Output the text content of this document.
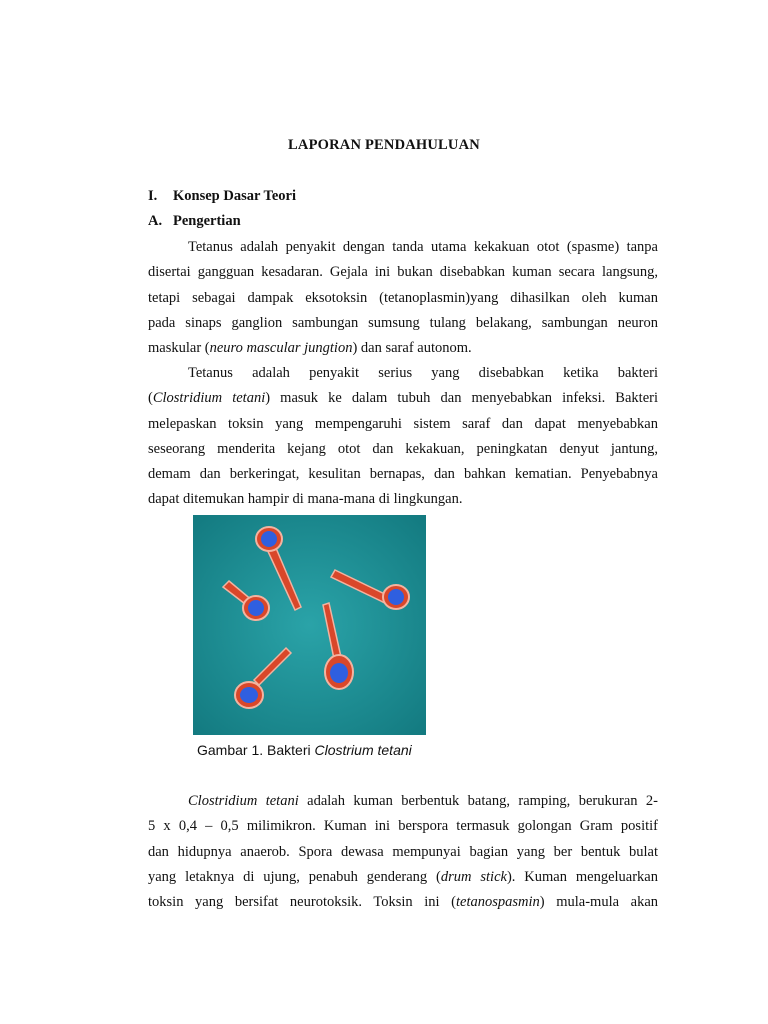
LAPORAN PENDAHULUAN
I. Konsep Dasar Teori
A. Pengertian
Tetanus adalah penyakit dengan tanda utama kekakuan otot (spasme) tanpa
disertai gangguan kesadaran. Gejala ini bukan disebabkan kuman secara langsung,
tetapi sebagai dampak eksotoksin (tetanoplasmin)yang dihasilkan oleh kuman
pada sinaps ganglion sambungan sumsung tulang belakang, sambungan neuron
maskular (neuro mascular jungtion) dan saraf autonom.
Tetanus adalah penyakit serius yang disebabkan ketika bakteri
(Clostridium tetani) masuk ke dalam tubuh dan menyebabkan infeksi. Bakteri
melepaskan toksin yang mempengaruhi sistem saraf dan dapat menyebabkan
seseorang menderita kejang otot dan kekakuan, peningkatan denyut jantung,
demam dan berkeringat, kesulitan bernapas, dan bahkan kematian. Penyebabnya
dapat ditemukan hampir di mana-mana di lingkungan.
Gambar 1. Bakteri Clostrium tetani
Clostridium tetani adalah kuman berbentuk batang, ramping, berukuran 2-
5 x 0,4 – 0,5 milimikron. Kuman ini berspora termasuk golongan Gram positif
dan hidupnya anaerob. Spora dewasa mempunyai bagian yang ber bentuk bulat
yang letaknya di ujung, penabuh genderang (drum stick). Kuman mengeluarkan
toksin yang bersifat neurotoksik. Toksin ini (tetanospasmin) mula-mula akan
